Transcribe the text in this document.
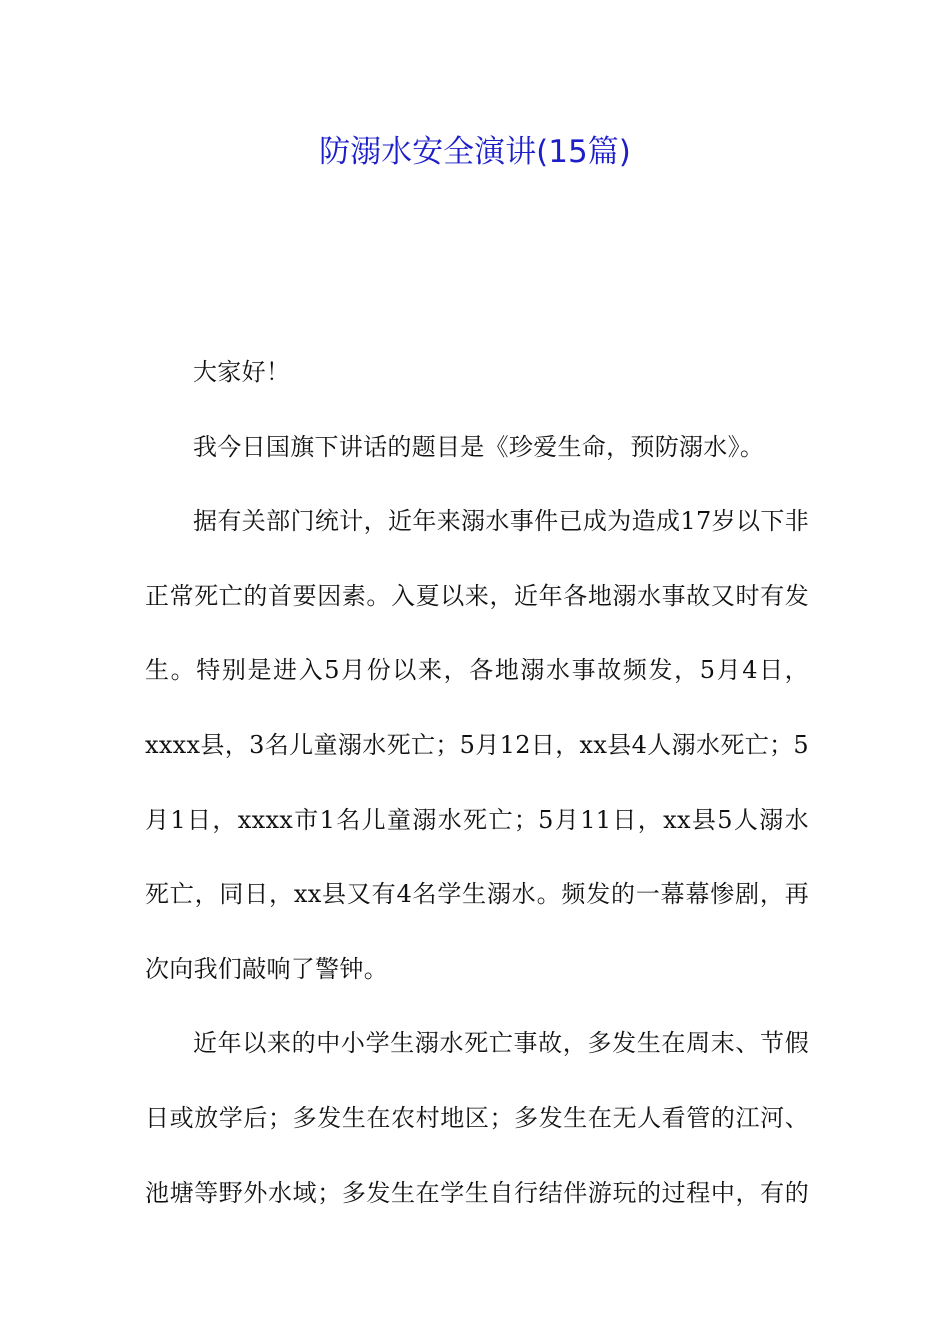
防溺水安全演讲(15篇)
大家好！
我今日国旗下讲话的题目是《珍爱生命，预防溺水》。
据有关部门统计，近年来溺水事件已成为造成17岁以下非
正常死亡的首要因素。入夏以来，近年各地溺水事故又时有发
生。特别是进入5月份以来，各地溺水事故频发，5月4日，
xxxx县，3名儿童溺水死亡；5月12日，xx县4人溺水死亡；5
月1日，xxxx市1名儿童溺水死亡；5月11日，xx县5人溺水
死亡，同日，xx县又有4名学生溺水。频发的一幕幕惨剧，再
次向我们敲响了警钟。
近年以来的中小学生溺水死亡事故，多发生在周末、节假
日或放学后；多发生在农村地区；多发生在无人看管的江河、
池塘等野外水域；多发生在学生自行结伴游玩的过程中，有的
